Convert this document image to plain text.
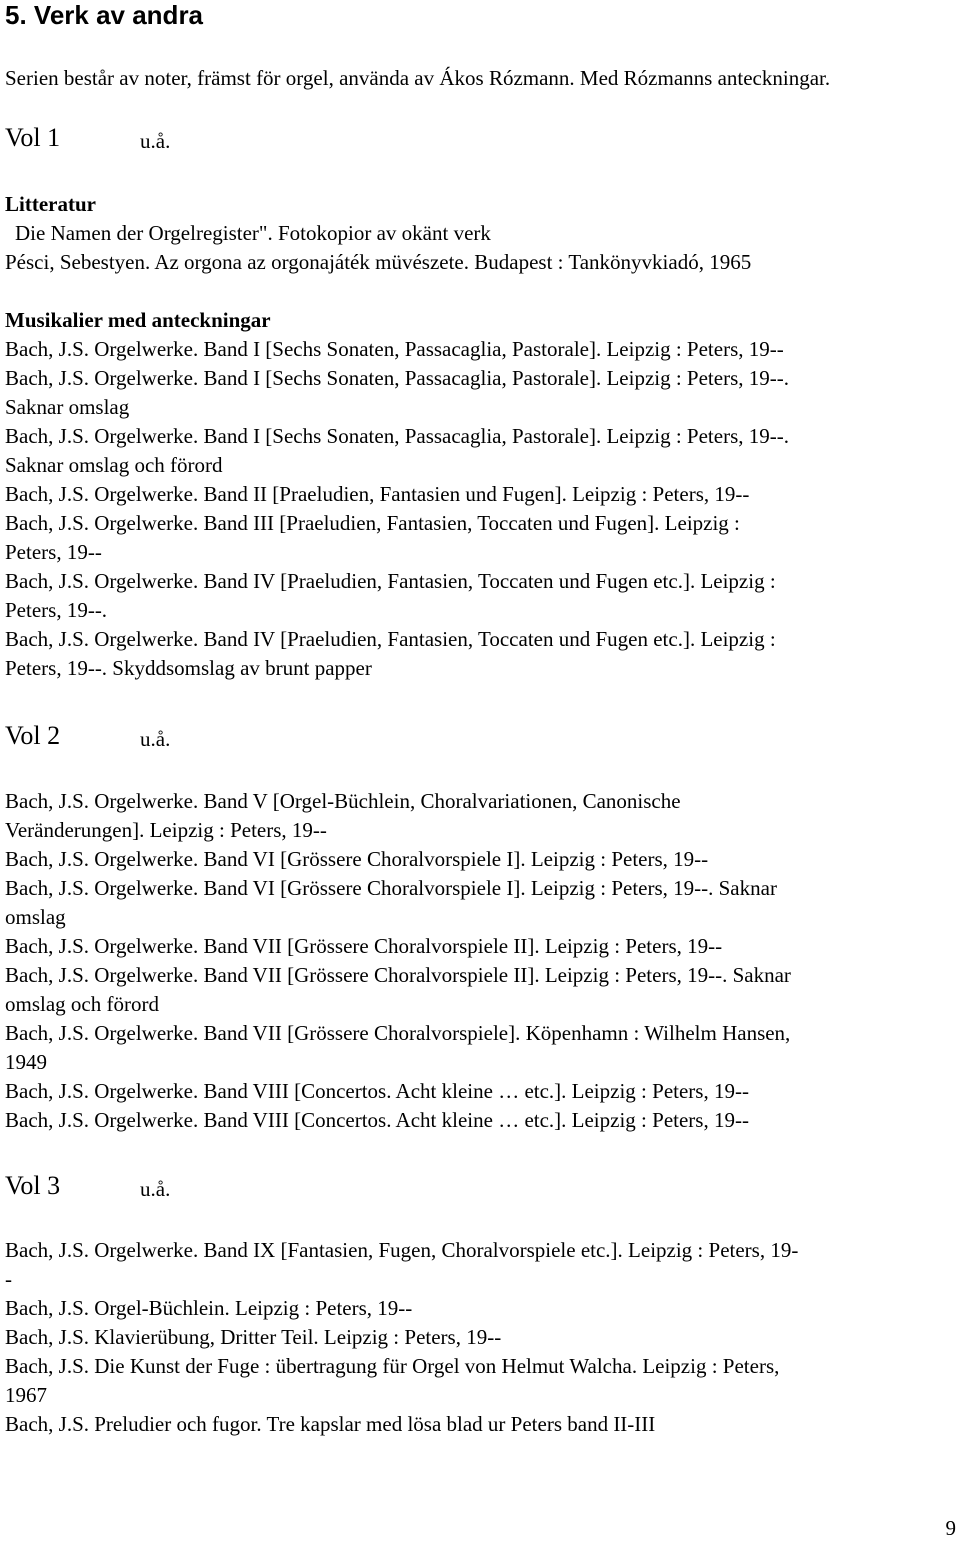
5. Verk av andra

Serien består av noter, främst för orgel, använda av Ákos Rózmann. Med Rózmanns anteckningar.

Vol 1	u.å.

Litteratur

Die Namen der Orgelregister". Fotokopior av okänt verk

Pésci, Sebestyen. Az orgona az orgonajáték müvészete. Budapest : Tankönyvkiadó, 1965

Musikalier med anteckningar

Bach, J.S. Orgelwerke. Band I [Sechs Sonaten, Passacaglia, Pastorale]. Leipzig : Peters, 19--

Bach, J.S. Orgelwerke. Band I [Sechs Sonaten, Passacaglia, Pastorale]. Leipzig : Peters, 19--.

Saknar omslag

Bach, J.S. Orgelwerke. Band I [Sechs Sonaten, Passacaglia, Pastorale]. Leipzig : Peters, 19--.

Saknar omslag och förord

Bach, J.S. Orgelwerke. Band II [Praeludien, Fantasien und Fugen]. Leipzig : Peters, 19--

Bach, J.S. Orgelwerke. Band III [Praeludien, Fantasien, Toccaten und Fugen]. Leipzig :

Peters, 19--

Bach, J.S. Orgelwerke. Band IV [Praeludien, Fantasien, Toccaten und Fugen etc.]. Leipzig :

Peters, 19--.

Bach, J.S. Orgelwerke. Band IV [Praeludien, Fantasien, Toccaten und Fugen etc.]. Leipzig :

Peters, 19--. Skyddsomslag av brunt papper

Vol 2	u.å.

Bach, J.S. Orgelwerke. Band V [Orgel-Büchlein, Choralvariationen, Canonische

Veränderungen]. Leipzig : Peters, 19--

Bach, J.S. Orgelwerke. Band VI [Grössere Choralvorspiele I]. Leipzig : Peters, 19--

Bach, J.S. Orgelwerke. Band VI [Grössere Choralvorspiele I]. Leipzig : Peters, 19--. Saknar

omslag

Bach, J.S. Orgelwerke. Band VII [Grössere Choralvorspiele II]. Leipzig : Peters, 19--

Bach, J.S. Orgelwerke. Band VII [Grössere Choralvorspiele II]. Leipzig : Peters, 19--. Saknar

omslag och förord

Bach, J.S. Orgelwerke. Band VII [Grössere Choralvorspiele]. Köpenhamn : Wilhelm Hansen,

1949

Bach, J.S. Orgelwerke. Band VIII [Concertos. Acht kleine … etc.]. Leipzig : Peters, 19--

Bach, J.S. Orgelwerke. Band VIII [Concertos. Acht kleine … etc.]. Leipzig : Peters, 19--

Vol 3	u.å.

Bach, J.S. Orgelwerke. Band IX [Fantasien, Fugen, Choralvorspiele etc.]. Leipzig : Peters, 19-

-

Bach, J.S. Orgel-Büchlein. Leipzig : Peters, 19--

Bach, J.S. Klavierübung, Dritter Teil. Leipzig : Peters, 19--

Bach, J.S. Die Kunst der Fuge : übertragung für Orgel von Helmut Walcha. Leipzig : Peters,

1967

Bach, J.S. Preludier och fugor. Tre kapslar med lösa blad ur Peters band II-III

9
